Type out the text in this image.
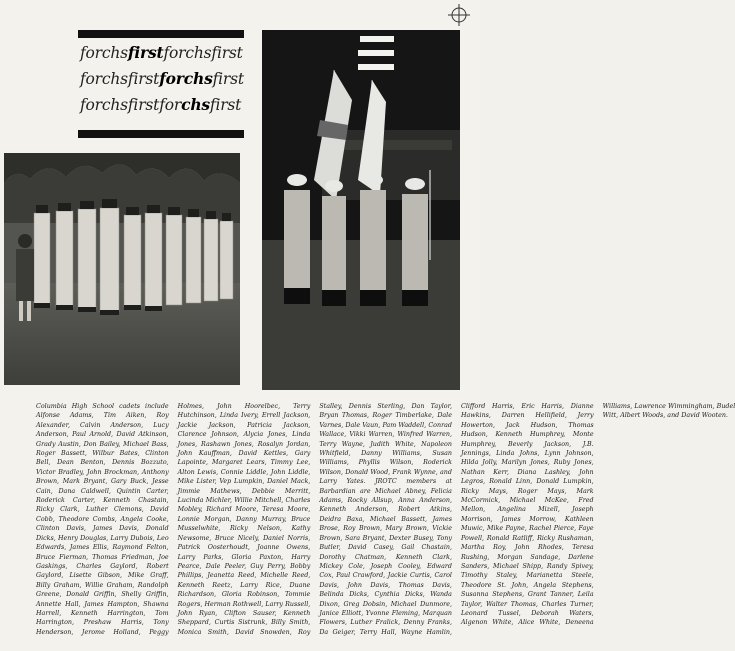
forchsfirstforchsfirst
forchsfirstforchsfirst
forchsfirstforchsfirst
Columbia High School cadets include Alfonse Adams, Tim Aiken, Roy Alexander, Calvin Anderson, Lucy Anderson, Paul Arnold, David Atkinson, Grady Austin, Don Bailey, Michael Bass, Roger Bassett, Wilbur Bates, Clinton Bell, Dean Benton, Dennis Bozzuto, Victor Bradley, John Brockman, Anthony Brown, Mark Bryant, Gary Buck, Jesse Cain, Dana Caldwell, Quintin Carter, Roderick Carter, Kenneth Chastain, Ricky Clark, Luther Clemons, David Cobb, Theodore Combs, Angela Cooke, Clinton Davis, James Davis, Donald Dicks, Henry Douglas, Larry Dubois, Leo Edwards, James Ellis, Raymond Felton, Bruce Fierman, Thomas Friedman, Joe Gaskings, Charles Gaylord, Robert Gaylord, Lisette Gibson, Mike Graff, Billy Graham, Willie Graham, Randolph Greene, Donald Griffin, Shelly Griffin, Annette Hall, James Hampton, Shawna Harrell, Kenneth Harrington, Tom Harrington, Preshaw Harris, Tony Henderson, Jerome Holland, Peggy Holmes, John Hoorelbec, Terry Hutchinson, Linda Ivery, Errell Jackson, Jackie Jackson, Patricia Jackson, Clarence Johnson, Alycia Jones, Linda Jones, Rashawn Jones, Rosalyn Jordan, John Kauffman, David Kettles, Gary Lapointe, Margaret Lears, Timmy Lee, Alton Lewis, Connie Liddle, John Liddle, Mike Lister, Vep Lumpkin, Daniel Mack, Jimmie Mathews, Debbie Merritt, Lucinda Michler, Willie Mitchell, Charles Mobley, Richard Moore, Teresa Moore, Lonnie Morgan, Danny Murray, Bruce Musselwhite, Ricky Nelson, Kathy Newsome, Bruce Nicely, Daniel Norris, Patrick Oosterhoudt, Joanne Owens, Larry Parks, Gloria Paxton, Harry Pearce, Dale Peeler, Guy Perry, Bobby Phillips, Jeanetta Reed, Michelle Reed, Kenneth Reetz, Larry Rice, Duane Richardson, Gloria Robinson, Tommie Rogers, Herman Rothwell, Larry Russell, John Ryan, Clifton Sauser, Kenneth Sheppard, Curtis Sistrunk, Billy Smith, Monica Smith, David Snowden, Roy Stalley, Dennis Sterling, Dan Taylor, Bryan Thomas, Roger Timberlake, Dale Varnes, Dale Vaun, Pam Waddell, Conrad Wallace, Vikki Warren, Winfred Warren, Terry Wayne, Judith White, Napoleon Whitfield, Danny Williams, Susan Williams, Phyllis Wilson, Roderick Wilson, Donald Wood, Frank Wynne, and Larry Yates. JROTC members at Barbardian are Michael Abney, Felicia Adams, Rocky Allsup, Anna Anderson, Kenneth Anderson, Robert Atkins, Deidra Baxa, Michael Bassett, James Brose, Roy Brown, Mary Brown, Vickie Brown, Sara Bryant, Dexter Busey, Tony Butler, David Casey, Gail Chastain, Dorothy Chatman, Kenneth Clark, Mickey Cole, Joseph Cooley, Edward Cox, Paul Crawford, Jackie Curtis, Carol Davis, John Davis, Thomas Davis, Belinda Dicks, Cynthia Dicks, Wanda Dixon, Greg Dobsin, Michael Dunmore, Janice Elliott, Yvonne Fleming, Marquan Flowers, Luther Fralick, Denny Franks, Da Geiger, Terry Hall, Wayne Hamlin, Clifford Harris, Eric Harris, Dianne Hawkins, Darren Hellifield, Jerry Howerton, Jack Hudson, Thomas Hudson, Kenneth Humphrey, Monte Humphrey, Beverly Jackson, J.B. Jennings, Linda Johns, Lynn Johnson, Hilda Jolly, Marilyn Jones, Ruby Jones, Nathan Kerr, Diana Lashley, John Legros, Ronald Linn, Donald Lumpkin, Ricky Mays, Roger Mays, Mark McCormick, Michael McKee, Fred Mellon, Angelina Mizell, Joseph Morrison, James Morrow, Kathleen Muwic, Mike Payne, Rachel Pierce, Faye Powell, Ronald Ratliff, Ricky Rushaman, Martha Roy, John Rhodes, Teresa Rushing, Morgan Sandage, Darlene Sanders, Michael Shipp, Randy Spivey, Timothy Staley, Marianetta Steele, Theodore St. John, Angela Stephens, Susanna Stephens, Grant Tanner, Leila Taylor, Walter Thomas, Charles Turner, Leonard Tussel, Deborah Waters, Algenon White, Alice White, Deneena Williams, Lawrence Wimmingham, Budel Witt, Albert Woods, and David Wooten.
